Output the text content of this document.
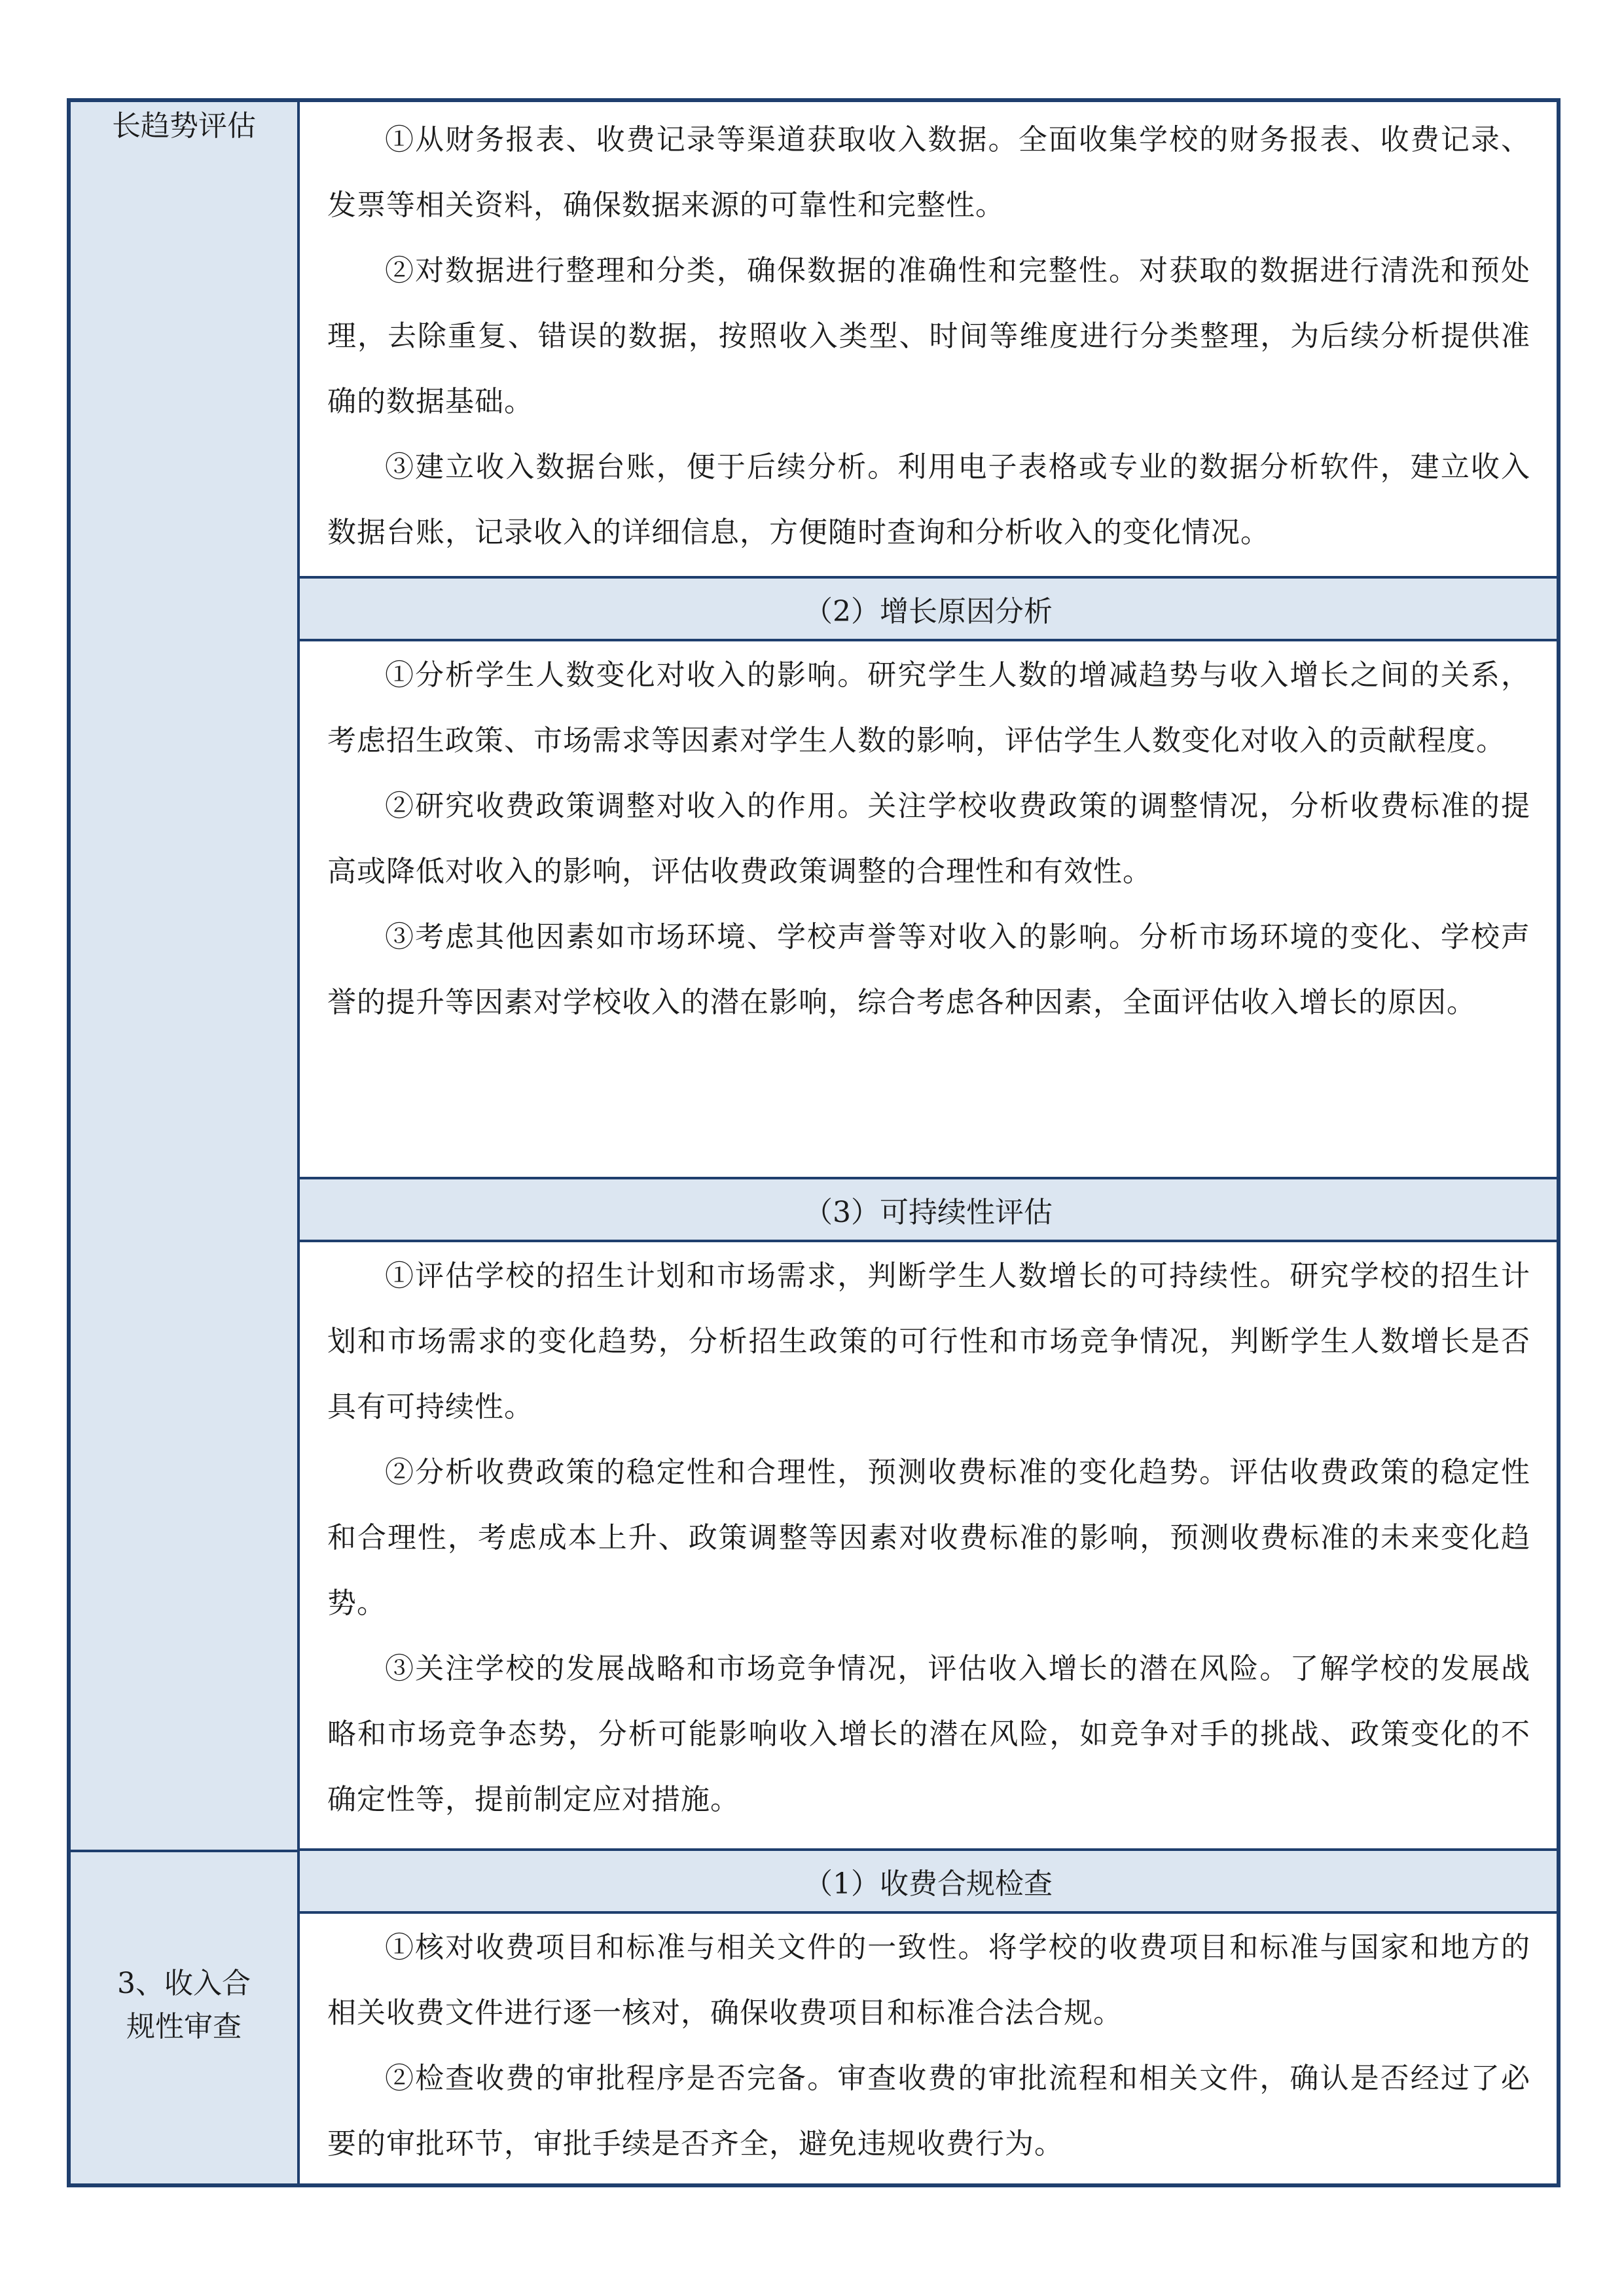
长趋势评估
3、收入合
规性审查

①从财务报表、收费记录等渠道获取收入数据。全面收集学校的财务报表、收费记录、发票等相关资料，确保数据来源的可靠性和完整性。

②对数据进行整理和分类，确保数据的准确性和完整性。对获取的数据进行清洗和预处理，去除重复、错误的数据，按照收入类型、时间等维度进行分类整理，为后续分析提供准确的数据基础。

③建立收入数据台账，便于后续分析。利用电子表格或专业的数据分析软件，建立收入数据台账，记录收入的详细信息，方便随时查询和分析收入的变化情况。

（2）增长原因分析

①分析学生人数变化对收入的影响。研究学生人数的增减趋势与收入增长之间的关系，考虑招生政策、市场需求等因素对学生人数的影响，评估学生人数变化对收入的贡献程度。

②研究收费政策调整对收入的作用。关注学校收费政策的调整情况，分析收费标准的提高或降低对收入的影响，评估收费政策调整的合理性和有效性。

③考虑其他因素如市场环境、学校声誉等对收入的影响。分析市场环境的变化、学校声誉的提升等因素对学校收入的潜在影响，综合考虑各种因素，全面评估收入增长的原因。

（3）可持续性评估

①评估学校的招生计划和市场需求，判断学生人数增长的可持续性。研究学校的招生计划和市场需求的变化趋势，分析招生政策的可行性和市场竞争情况，判断学生人数增长是否具有可持续性。

②分析收费政策的稳定性和合理性，预测收费标准的变化趋势。评估收费政策的稳定性和合理性，考虑成本上升、政策调整等因素对收费标准的影响，预测收费标准的未来变化趋势。

③关注学校的发展战略和市场竞争情况，评估收入增长的潜在风险。了解学校的发展战略和市场竞争态势，分析可能影响收入增长的潜在风险，如竞争对手的挑战、政策变化的不确定性等，提前制定应对措施。

（1）收费合规检查

①核对收费项目和标准与相关文件的一致性。将学校的收费项目和标准与国家和地方的相关收费文件进行逐一核对，确保收费项目和标准合法合规。

②检查收费的审批程序是否完备。审查收费的审批流程和相关文件，确认是否经过了必要的审批环节，审批手续是否齐全，避免违规收费行为。
